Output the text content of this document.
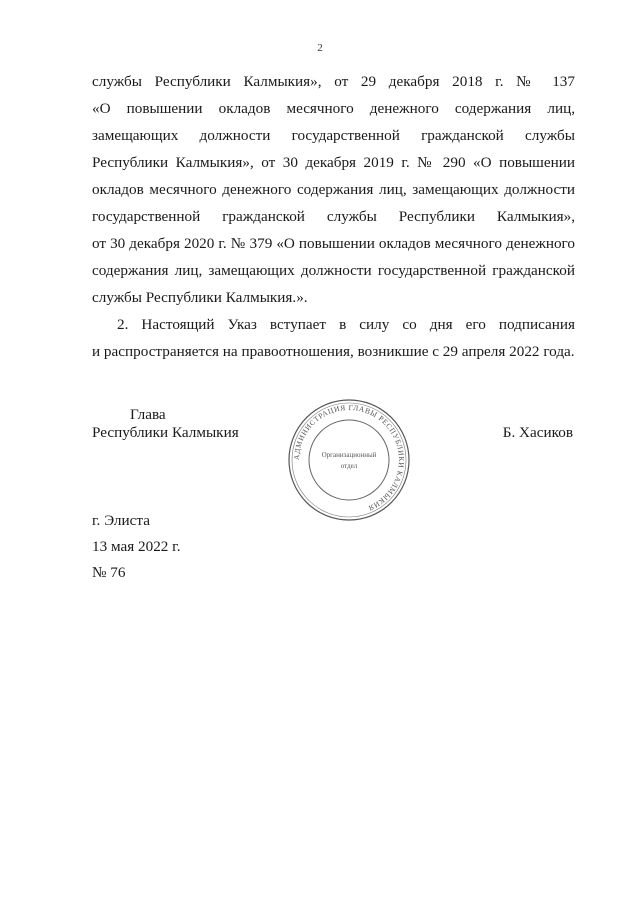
2
службы Республики Калмыкия», от 29 декабря 2018 г. № 137
«О повышении окладов месячного денежного содержания лиц,
замещающих должности государственной гражданской службы
Республики Калмыкия», от 30 декабря 2019 г. № 290 «О повышении
окладов месячного денежного содержания лиц, замещающих должности
государственной гражданской службы Республики Калмыкия»,
от 30 декабря 2020 г. № 379 «О повышении окладов месячного денежного
содержания лиц, замещающих должности государственной гражданской
службы Республики Калмыкия.».
2. Настоящий Указ вступает в силу со дня его подписания
и распространяется на правоотношения, возникшие с 29 апреля 2022 года.
Глава
Республики Калмыкия
АДМИНИСТРАЦИЯ ГЛАВЫ РЕСПУБЛИКИ КАЛМЫКИЯ
Организационный
отдел
Б. Хасиков
г. Элиста
13 мая 2022 г.
№ 76
